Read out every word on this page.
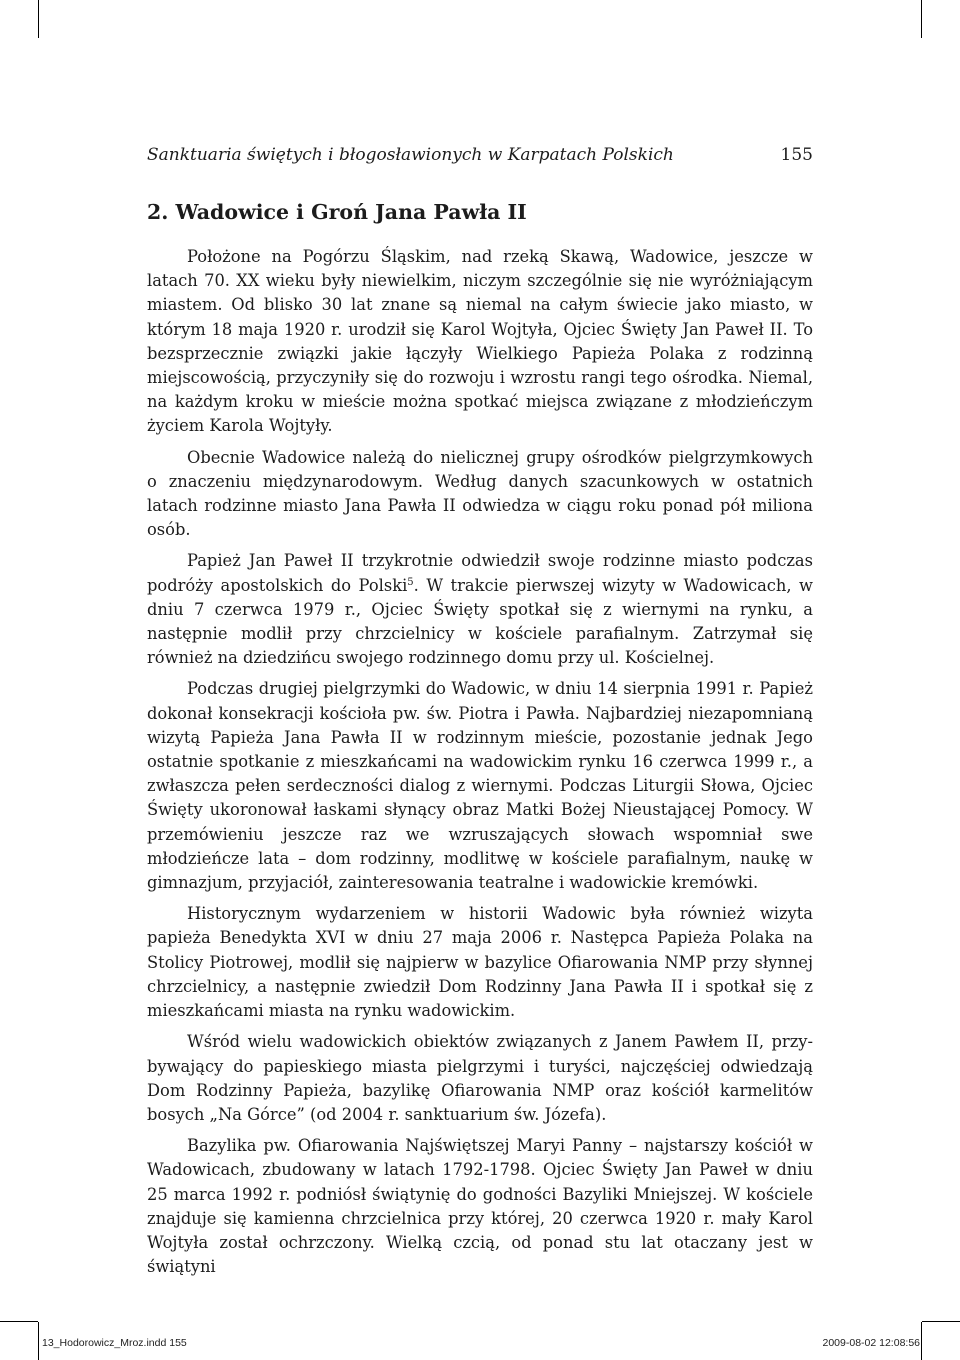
Sanktuaria świętych i błogosławionych w Karpatach Polskich	155
2. Wadowice i Groń Jana Pawła II

Położone na Pogórzu Śląskim, nad rzeką Skawą, Wadowice, jeszcze w latach 70. XX wieku były niewielkim, niczym szczególnie się nie wyróżniającym miastem. Od blisko 30 lat znane są niemal na całym świecie jako miasto, w którym 18 maja 1920 r. urodził się Karol Wojtyła, Ojciec Święty Jan Paweł II. To bezsprzecznie związki jakie łączyły Wielkiego Papieża Polaka z rodzinną miejscowością, przyczyniły się do rozwoju i wzrostu rangi tego ośrodka. Niemal, na każdym kroku w mieście można spotkać miejsca związane z młodzieńczym życiem Karola Wojtyły.

Obecnie Wadowice należą do nielicznej grupy ośrodków pielgrzymkowych o znaczeniu międzynarodowym. Według danych szacunkowych w ostatnich latach rodzinne miasto Jana Pawła II odwiedza w ciągu roku ponad pół miliona osób.

Papież Jan Paweł II trzykrotnie odwiedził swoje rodzinne miasto podczas podróży apostolskich do Polski$^5$. W trakcie pierwszej wizyty w Wadowicach, w dniu 7 czerwca 1979 r., Ojciec Święty spotkał się z wiernymi na rynku, a następnie modlił przy chrzcielnicy w kościele parafialnym. Zatrzymał się również na dziedzińcu swojego rodzinnego domu przy ul. Kościelnej.

Podczas drugiej pielgrzymki do Wadowic, w dniu 14 sierpnia 1991 r. Papież dokonał konsekracji kościoła pw. św. Piotra i Pawła. Najbardziej niezapomnianą wizytą Papieża Jana Pawła II w rodzinnym mieście, pozostanie jednak Jego ostatnie spotkanie z mieszkańcami na wadowickim rynku 16 czerwca 1999 r., a zwłaszcza pełen serdeczności dialog z wiernymi. Podczas Liturgii Słowa, Ojciec Święty ukoronował łaskami słynący obraz Matki Bożej Nieustającej Pomocy. W przemówieniu jeszcze raz we wzruszających słowach wspomniał swe młodzieńcze lata – dom rodzinny, modlitwę w kościele parafialnym, naukę w gimnazjum, przyjaciół, zainteresowania teatralne i wadowickie kremówki.

Historycznym wydarzeniem w historii Wadowic była również wizyta papieża Benedykta XVI w dniu 27 maja 2006 r. Następca Papieża Polaka na Stolicy Piotrowej, modlił się najpierw w bazylice Ofiarowania NMP przy słynnej chrzcielnicy, a następnie zwiedził Dom Rodzinny Jana Pawła II i spotkał się z mieszkańcami miasta na rynku wadowickim.

Wśród wielu wadowickich obiektów związanych z Janem Pawłem II, przybywający do papieskiego miasta pielgrzymi i turyści, najczęściej odwiedzają Dom Rodzinny Papieża, bazylikę Ofiarowania NMP oraz kościół karmelitów bosych „Na Górce” (od 2004 r. sanktuarium św. Józefa).

Bazylika pw. Ofiarowania Najświętszej Maryi Panny – najstarszy kościół w Wadowicach, zbudowany w latach 1792-1798. Ojciec Święty Jan Paweł w dniu 25 marca 1992 r. podniósł świątynię do godności Bazyliki Mniejszej. W kościele znajduje się kamienna chrzcielnica przy której, 20 czerwca 1920 r. mały Karol Wojtyła został ochrzczony. Wielką czcią, od ponad stu lat otaczany jest w świątyni

13_Hodorowicz_Mroz.indd 155	2009-08-02 12:08:56
